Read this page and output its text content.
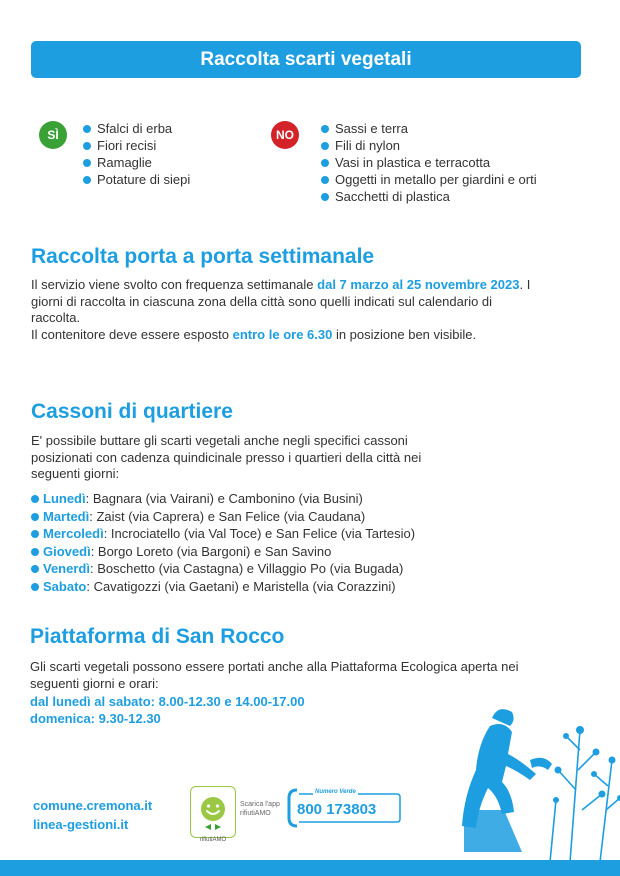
Raccolta scarti vegetali
SÌ	Sfalci di erba
Fiori recisi
Ramaglie
Potature di siepi
NO	Sassi e terra
Fili di nylon
Vasi in plastica e terracotta
Oggetti in metallo per giardini e orti
Sacchetti di plastica
Raccolta porta a porta settimanale

Il servizio viene svolto con frequenza settimanale dal 7 marzo al 25 novembre 2023. I giorni di raccolta in ciascuna zona della città sono quelli indicati sul calendario di raccolta.
Il contenitore deve essere esposto entro le ore 6.30 in posizione ben visibile.

Cassoni di quartiere

E' possibile buttare gli scarti vegetali anche negli specifici cassoni posizionati con cadenza quindicinale presso i quartieri della città nei seguenti giorni:

Lunedì: Bagnara (via Vairani) e Cambonino (via Busini)
Martedì: Zaist (via Caprera) e San Felice (via Caudana)
Mercoledì: Incrociatello (via Val Toce) e San Felice (via Tartesio)
Giovedì: Borgo Loreto (via Bargoni) e San Savino
Venerdì: Boschetto (via Castagna) e Villaggio Po (via Bugada)
Sabato: Cavatigozzi (via Gaetani) e Maristella (via Corazzini)
Piattaforma di San Rocco

Gli scarti vegetali possono essere portati anche alla Piattaforma Ecologica aperta nei seguenti giorni e orari:

dal lunedì al sabato: 8.00-12.30 e 14.00-17.00
domenica: 9.30-12.30
comune.cremona.it
linea-gestioni.it
rifiutiAMO
Scarica l'app
rifiutiAMO
Numero Verde
800 173803
